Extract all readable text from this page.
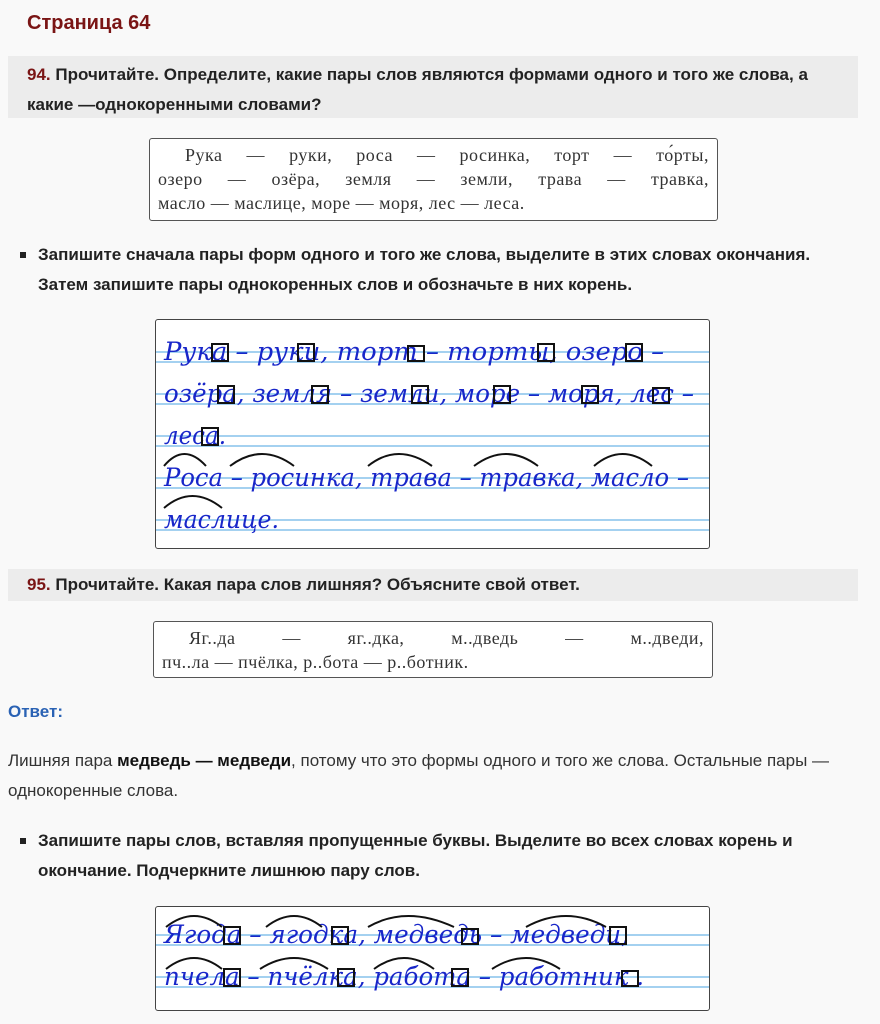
Страница 64
94. Прочитайте. Определите, какие пары слов являются формами одного и того же слова, а какие —однокоренными словами?
Рука — руки, роса — росинка, торт — то́рты,
озеро — озёра, земля — земли, трава — травка,
масло — маслице, море — моря, лес — леса.
Запишите сначала пары форм одного и того же слова, выделите в этих словах окончания. Затем запишите пары однокоренных слов и обозначьте в них корень.
Рука – руки, торт – торты, озеро –
озёра, земля – земли, море – моря, лес –
леса.
Роса – росинка, трава – травка, масло –
маслице.
95. Прочитайте. Какая пара слов лишняя? Объясните свой ответ.
Яг..да — яг..дка, м..дведь — м..дведи,
пч..ла — пчёлка, р..бота — р..ботник.
Ответ:
Лишняя пара медведь — медведи, потому что это формы одного и того же слова. Остальные пары — однокоренные слова.
Запишите пары слов, вставляя пропущенные буквы. Выделите во всех словах корень и окончание. Подчеркните лишнюю пару слов.
Ягода – ягодка, медведь – медведи,
пчела – пчёлка, работа – работник .
